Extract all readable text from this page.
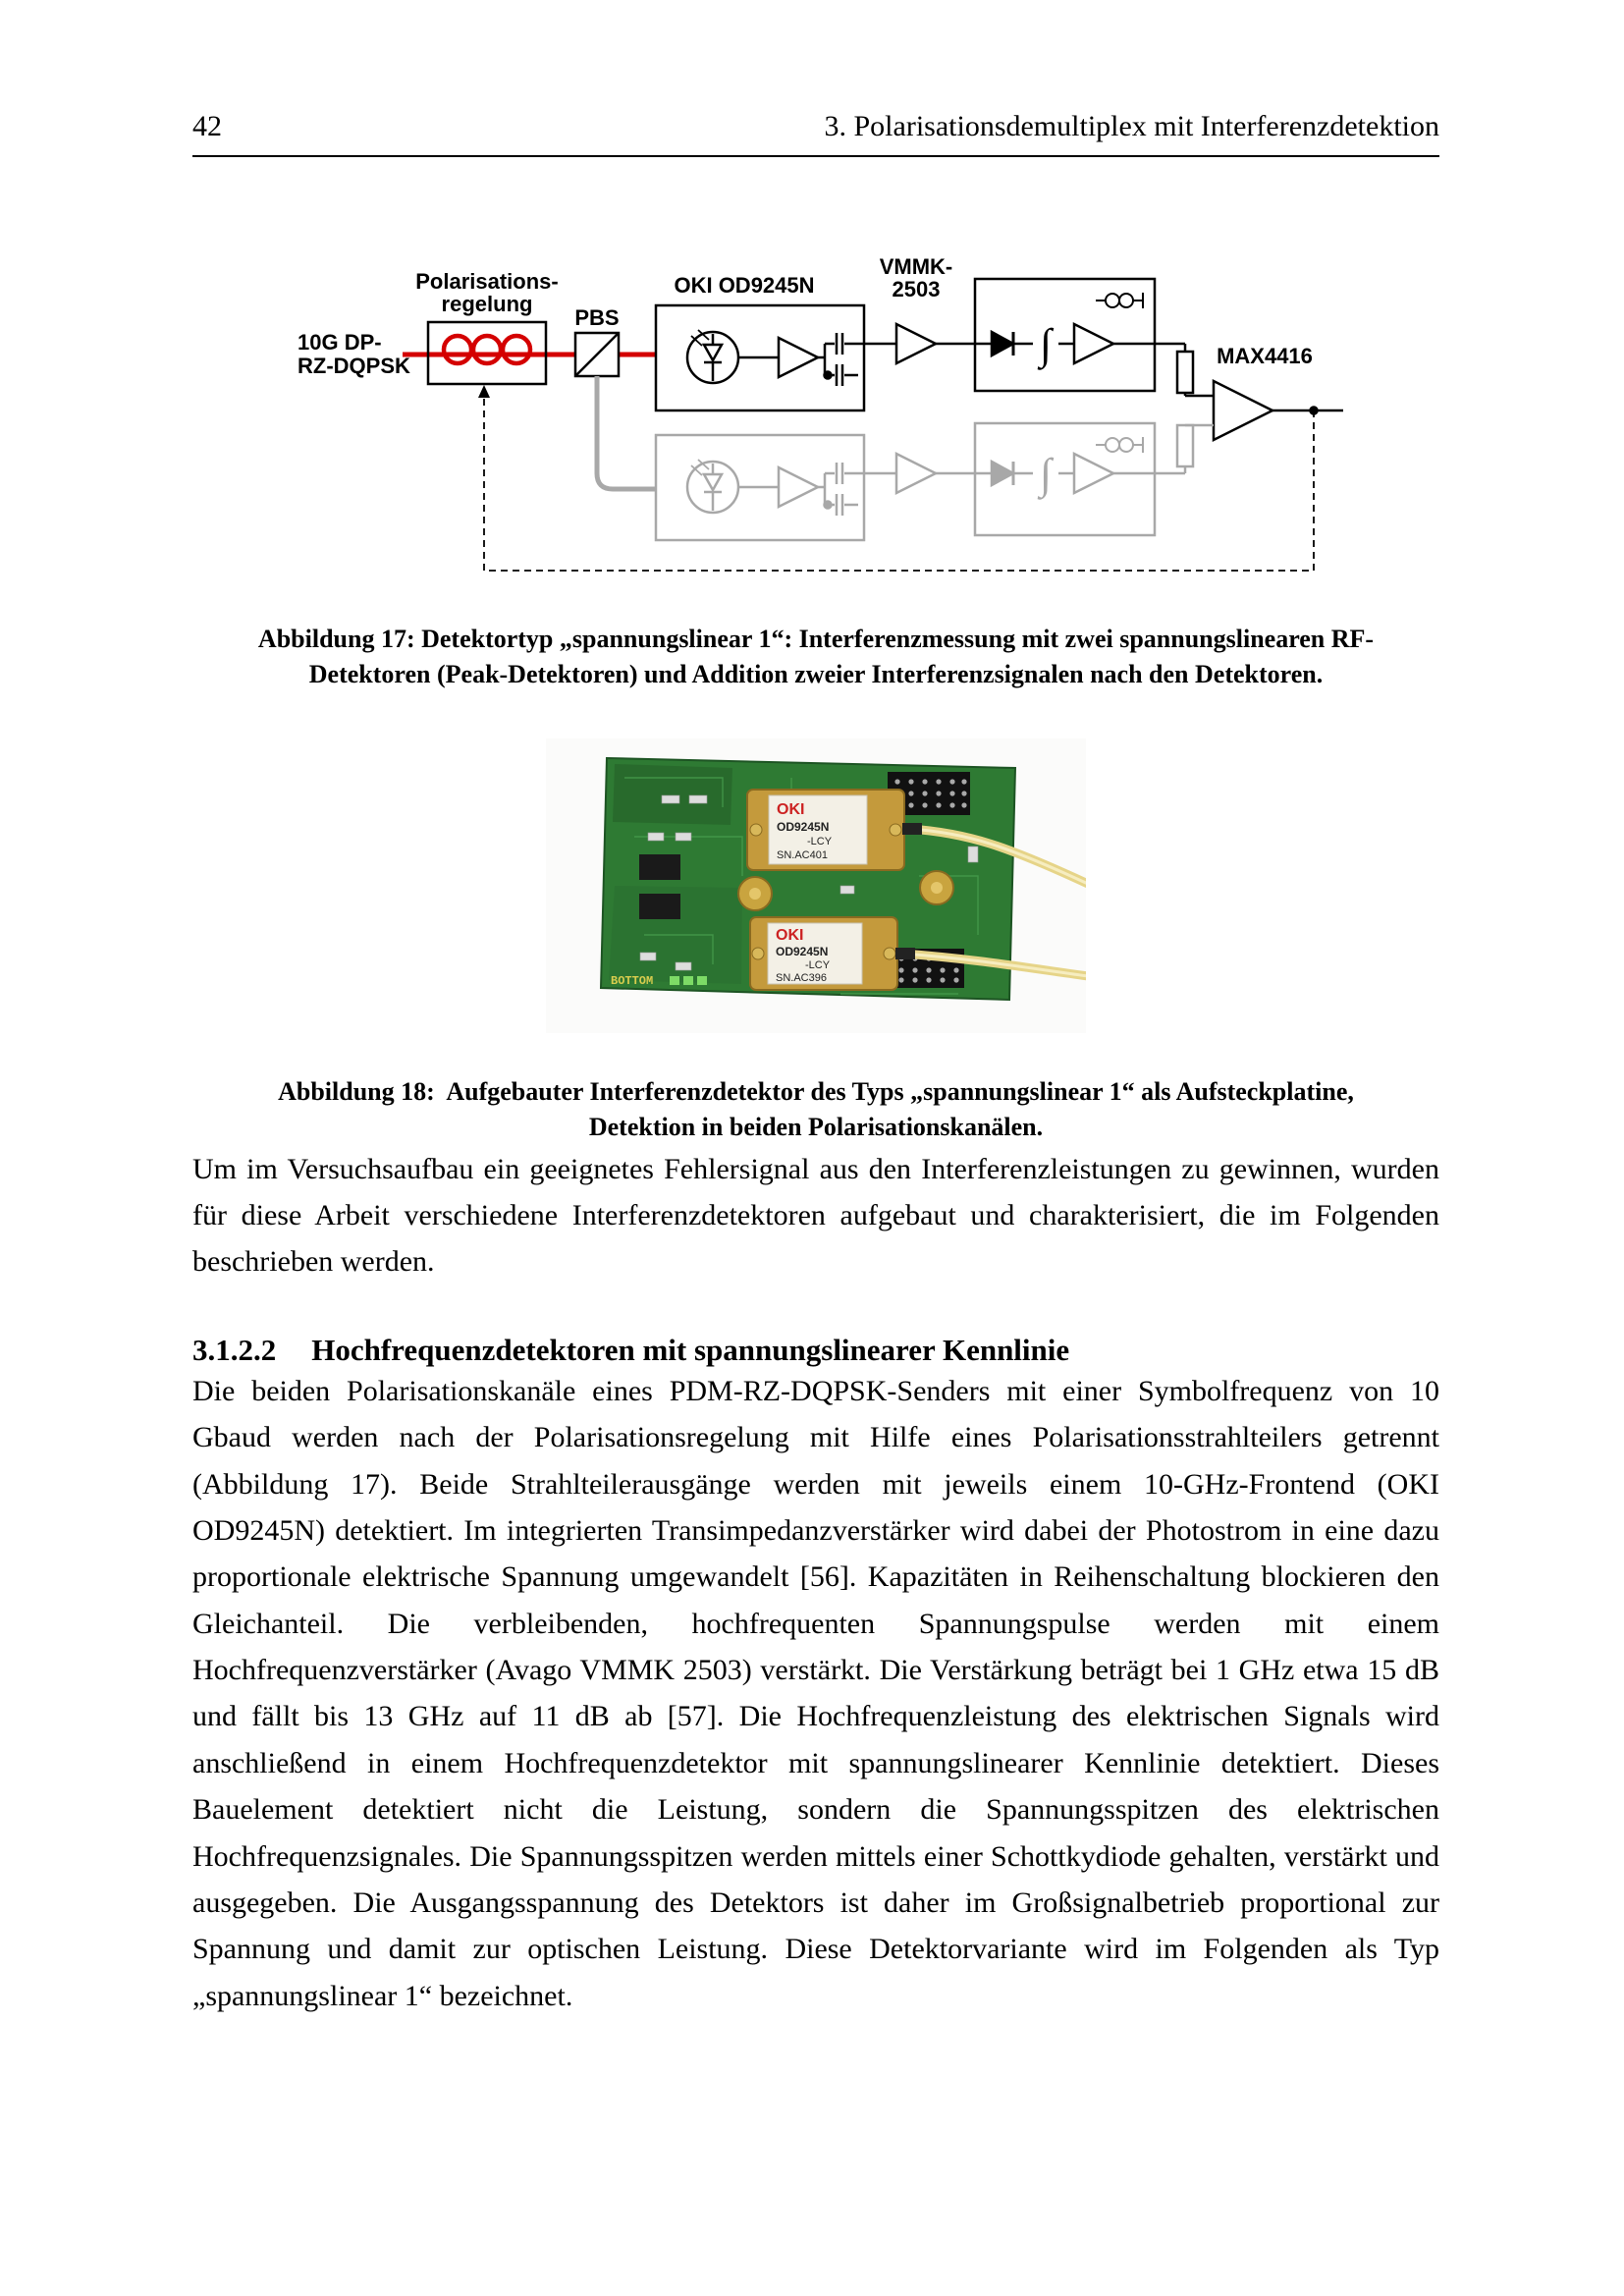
42	3. Polarisationsdemultiplex mit Interferenzdetektion
10G DP-
RZ-DQPSK
Polarisations-
regelung
PBS
OKI OD9245N
VMMK-
2503
∫	MAX4416
∫
Abbildung 17: Detektortyp „spannungslinear 1“: Interferenzmessung mit zwei spannungslinearen RF-
Detektoren (Peak-Detektoren) und Addition zweier Interferenzsignalen nach den Detektoren.
OKI
OD9245N
-LCY
SN.AC401
OKI
OD9245N
-LCY
SN.AC396
BOTTOM
Abbildung 18:  Aufgebauter Interferenzdetektor des Typs „spannungslinear 1“ als Aufsteckplatine,
Detektion in beiden Polarisationskanälen.

Um im Versuchsaufbau ein geeignetes Fehlersignal aus den Interferenzleistungen zu gewinnen, wurden für diese Arbeit verschiedene Interferenzdetektoren aufgebaut und charakterisiert, die im Folgenden beschrieben werden.

3.1.2.2 Hochfrequenzdetektoren mit spannungslinearer Kennlinie

Die beiden Polarisationskanäle eines PDM-RZ-DQPSK-Senders mit einer Symbolfrequenz von 10 Gbaud werden nach der Polarisationsregelung mit Hilfe eines Polarisationsstrahlteilers getrennt (Abbildung 17). Beide Strahlteilerausgänge werden mit jeweils einem 10-GHz-Frontend (OKI OD9245N) detektiert. Im integrierten Transimpedanzverstärker wird dabei der Photostrom in eine dazu proportionale elektrische Spannung umgewandelt [56]. Kapazitäten in Reihenschaltung blockieren den Gleichanteil. Die verbleibenden, hochfrequenten Spannungspulse werden mit einem Hochfrequenzverstärker (Avago VMMK 2503) verstärkt. Die Verstärkung beträgt bei 1 GHz etwa 15 dB und fällt bis 13 GHz auf 11 dB ab [57]. Die Hochfrequenzleistung des elektrischen Signals wird anschließend in einem Hochfrequenzdetektor mit spannungslinearer Kennlinie detektiert. Dieses Bauelement detektiert nicht die Leistung, sondern die Spannungsspitzen des elektrischen Hochfrequenzsignales. Die Spannungsspitzen werden mittels einer Schottkydiode gehalten, verstärkt und ausgegeben. Die Ausgangsspannung des Detektors ist daher im Großsignalbetrieb proportional zur Spannung und damit zur optischen Leistung. Diese Detektorvariante wird im Folgenden als Typ „spannungslinear 1“ bezeichnet.
